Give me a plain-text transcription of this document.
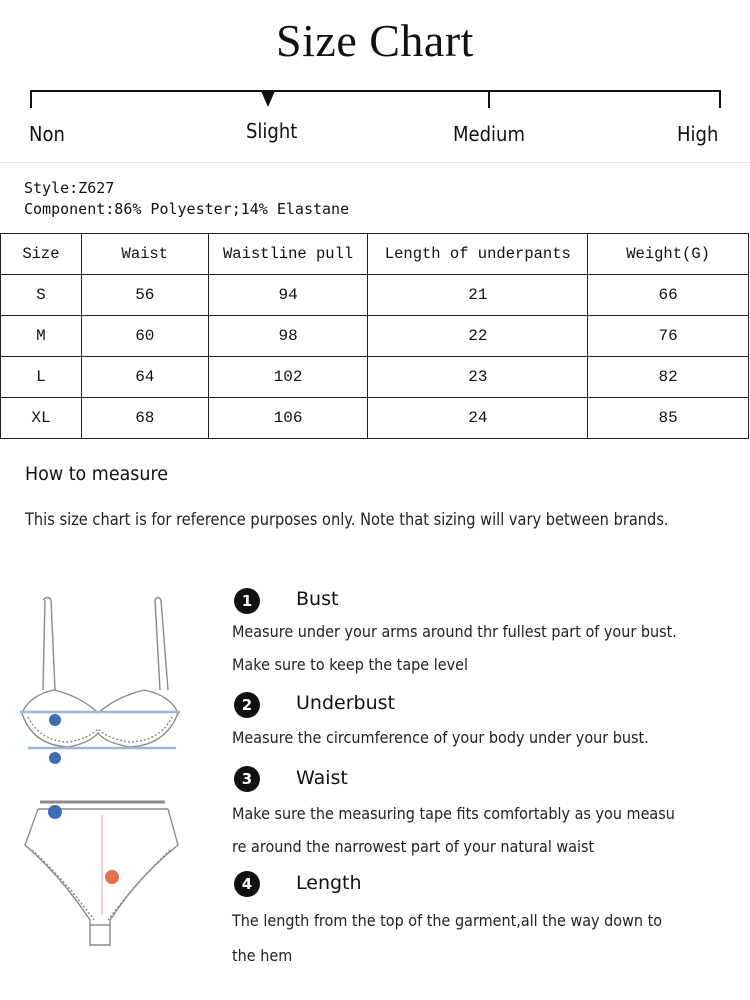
Size Chart
Non	Slight	Medium	High
Style:Z627
Component:86% Polyester;14% Elastane
Size	Waist	Waistline pull	Length of underpants	Weight(G)
S	56	94	21	66
M	60	98	22	76
L	64	102	23	82
XL	68	106	24	85
How to measure
This size chart is for reference purposes only. Note that sizing will vary between brands.
1	Bust
Measure under your arms around thr fullest part of your bust.
Make sure to keep the tape level
2	Underbust
Measure the circumference of your body under your bust.
3	Waist
Make sure the measuring tape fits comfortably as you measu
re around the narrowest part of your natural waist
4	Length
The length from the top of the garment,all the way down to
the hem
